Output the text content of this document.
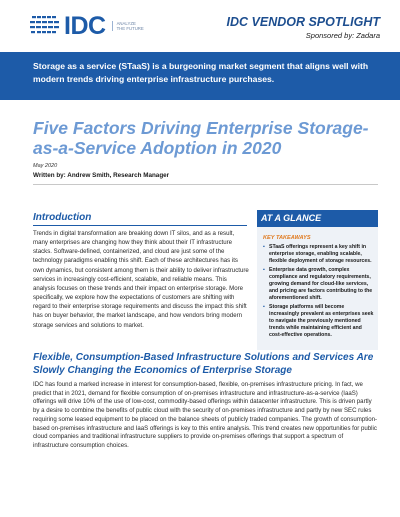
IDC	ANALYZE THE FUTURE	IDC VENDOR SPOTLIGHT
Sponsored by: Zadara
Storage as a service (STaaS) is a burgeoning market segment that aligns well with modern trends driving enterprise infrastructure purchases.
Five Factors Driving Enterprise Storage-as-a-Service Adoption in 2020
May 2020
Written by: Andrew Smith, Research Manager
Introduction
Trends in digital transformation are breaking down IT silos, and as a result, many enterprises are changing how they think about their IT infrastructure stacks. Software-defined, containerized, and cloud are just some of the technology paradigms enabling this shift. Each of these architectures has its own dynamics, but consistent among them is their ability to deliver infrastructure services in increasingly cost-efficient, scalable, and reliable means. This analysis focuses on these trends and their impact on enterprise storage. More specifically, we explore how the expectations of customers are shifting with regard to their enterprise storage requirements and discuss the impact this shift has on buyer behavior, the market landscape, and how vendors bring modern storage services and solutions to market.
AT A GLANCE
KEY TAKEAWAYS
▪ STaaS offerings represent a key shift in enterprise storage, enabling scalable, flexible deployment of storage resources.
▪ Enterprise data growth, complex compliance and regulatory requirements, growing demand for cloud-like services, and pricing are factors contributing to the aforementioned shift.
▪ Storage platforms will become increasingly prevalent as enterprises seek to navigate the previously mentioned trends while maintaining efficient and cost-effective operations.
Flexible, Consumption-Based Infrastructure Solutions and Services Are Slowly Changing the Economics of Enterprise Storage
IDC has found a marked increase in interest for consumption-based, flexible, on-premises infrastructure pricing. In fact, we predict that in 2021, demand for flexible consumption of on-premises infrastructure and infrastructure-as-a-service (IaaS) offerings will drive 10% of the use of low-cost, commodity-based offerings within datacenter infrastructure. This is driven partly by a desire to combine the benefits of public cloud with the security of on-premises infrastructure and partly by new SEC rules requiring some leased equipment to be placed on the balance sheets of publicly traded companies. The growth of consumption-based on-premises infrastructure and IaaS offerings is key to this entire analysis. This trend creates new opportunities for public cloud companies and traditional infrastructure suppliers to provide on-premises offerings that support a spectrum of infrastructure consumption choices.
